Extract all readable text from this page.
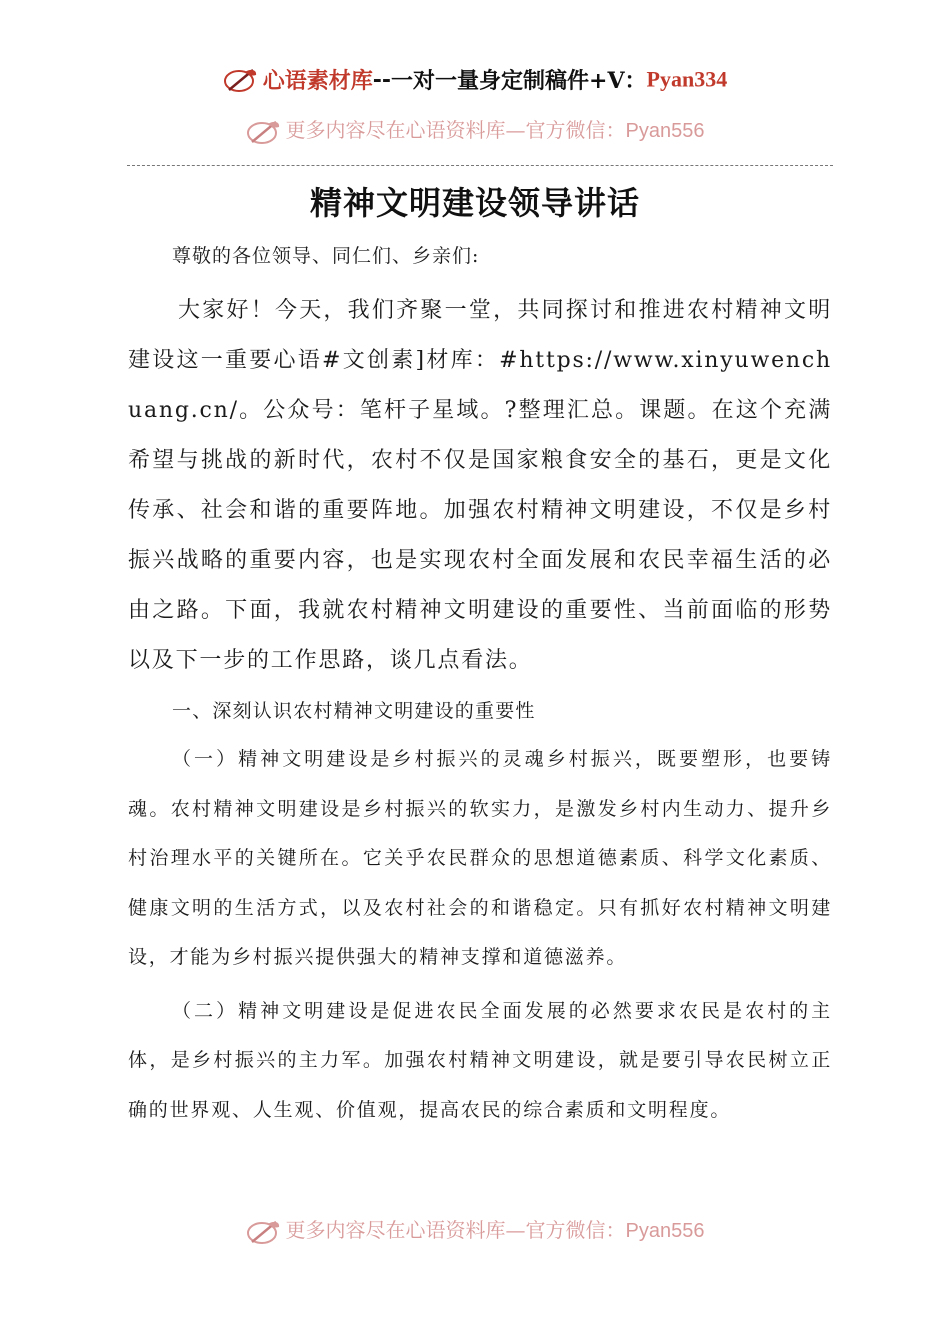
心语素材库--一对一量身定制稿件+V：Pyan334
更多内容尽在心语资料库—官方微信：Pyan556
精神文明建设领导讲话

尊敬的各位领导、同仁们、乡亲们:

大家好！今天，我们齐聚一堂，共同探讨和推进农村精神文明建设这一重要心语#文创素]材库：#https://www.xinyuwenchuang.cn/。公众号：笔杆子星域。?整理汇总。课题。在这个充满希望与挑战的新时代，农村不仅是国家粮食安全的基石，更是文化传承、社会和谐的重要阵地。加强农村精神文明建设，不仅是乡村振兴战略的重要内容，也是实现农村全面发展和农民幸福生活的必由之路。下面，我就农村精神文明建设的重要性、当前面临的形势以及下一步的工作思路，谈几点看法。

一、深刻认识农村精神文明建设的重要性

（一）精神文明建设是乡村振兴的灵魂乡村振兴，既要塑形，也要铸魂。农村精神文明建设是乡村振兴的软实力，是激发乡村内生动力、提升乡村治理水平的关键所在。它关乎农民群众的思想道德素质、科学文化素质、健康文明的生活方式，以及农村社会的和谐稳定。只有抓好农村精神文明建设，才能为乡村振兴提供强大的精神支撑和道德滋养。

（二）精神文明建设是促进农民全面发展的必然要求农民是农村的主体，是乡村振兴的主力军。加强农村精神文明建设，就是要引导农民树立正确的世界观、人生观、价值观，提高农民的综合素质和文明程度。

更多内容尽在心语资料库—官方微信：Pyan556
